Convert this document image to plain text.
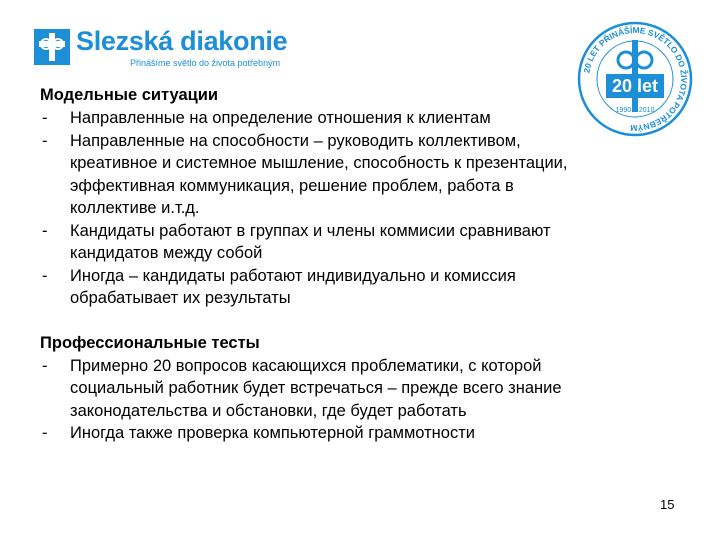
Slezská diakonie
Přinášíme světlo do života potřebným
20 LET PŘINÁŠÍME SVĚTLO DO ŽIVOTA POTŘEBNÝM
20 let
1990 – 2010
Модельные ситуации
-	Направленные на определение отношения к клиентам
-	Направленные на способности – руководить коллективом,
креативное и системное мышление, способность к презентации,
эффективная коммуникация, решение проблем, работа в
коллективе и.т.д.
-	Кандидаты работают в группах и члены коммисии сравнивают
кандидатов между собой
-	Иногда – кандидаты работают индивидуально и комиссия
обрабатывает их результаты
Профессиональные тесты
-	Примерно 20 вопросов касающихся проблематики, с которой
социальный работник будет встречаться – прежде всего знание
законодательства и обстановки, где будет работать
-	Иногда также проверка компьютерной граммотности
15
